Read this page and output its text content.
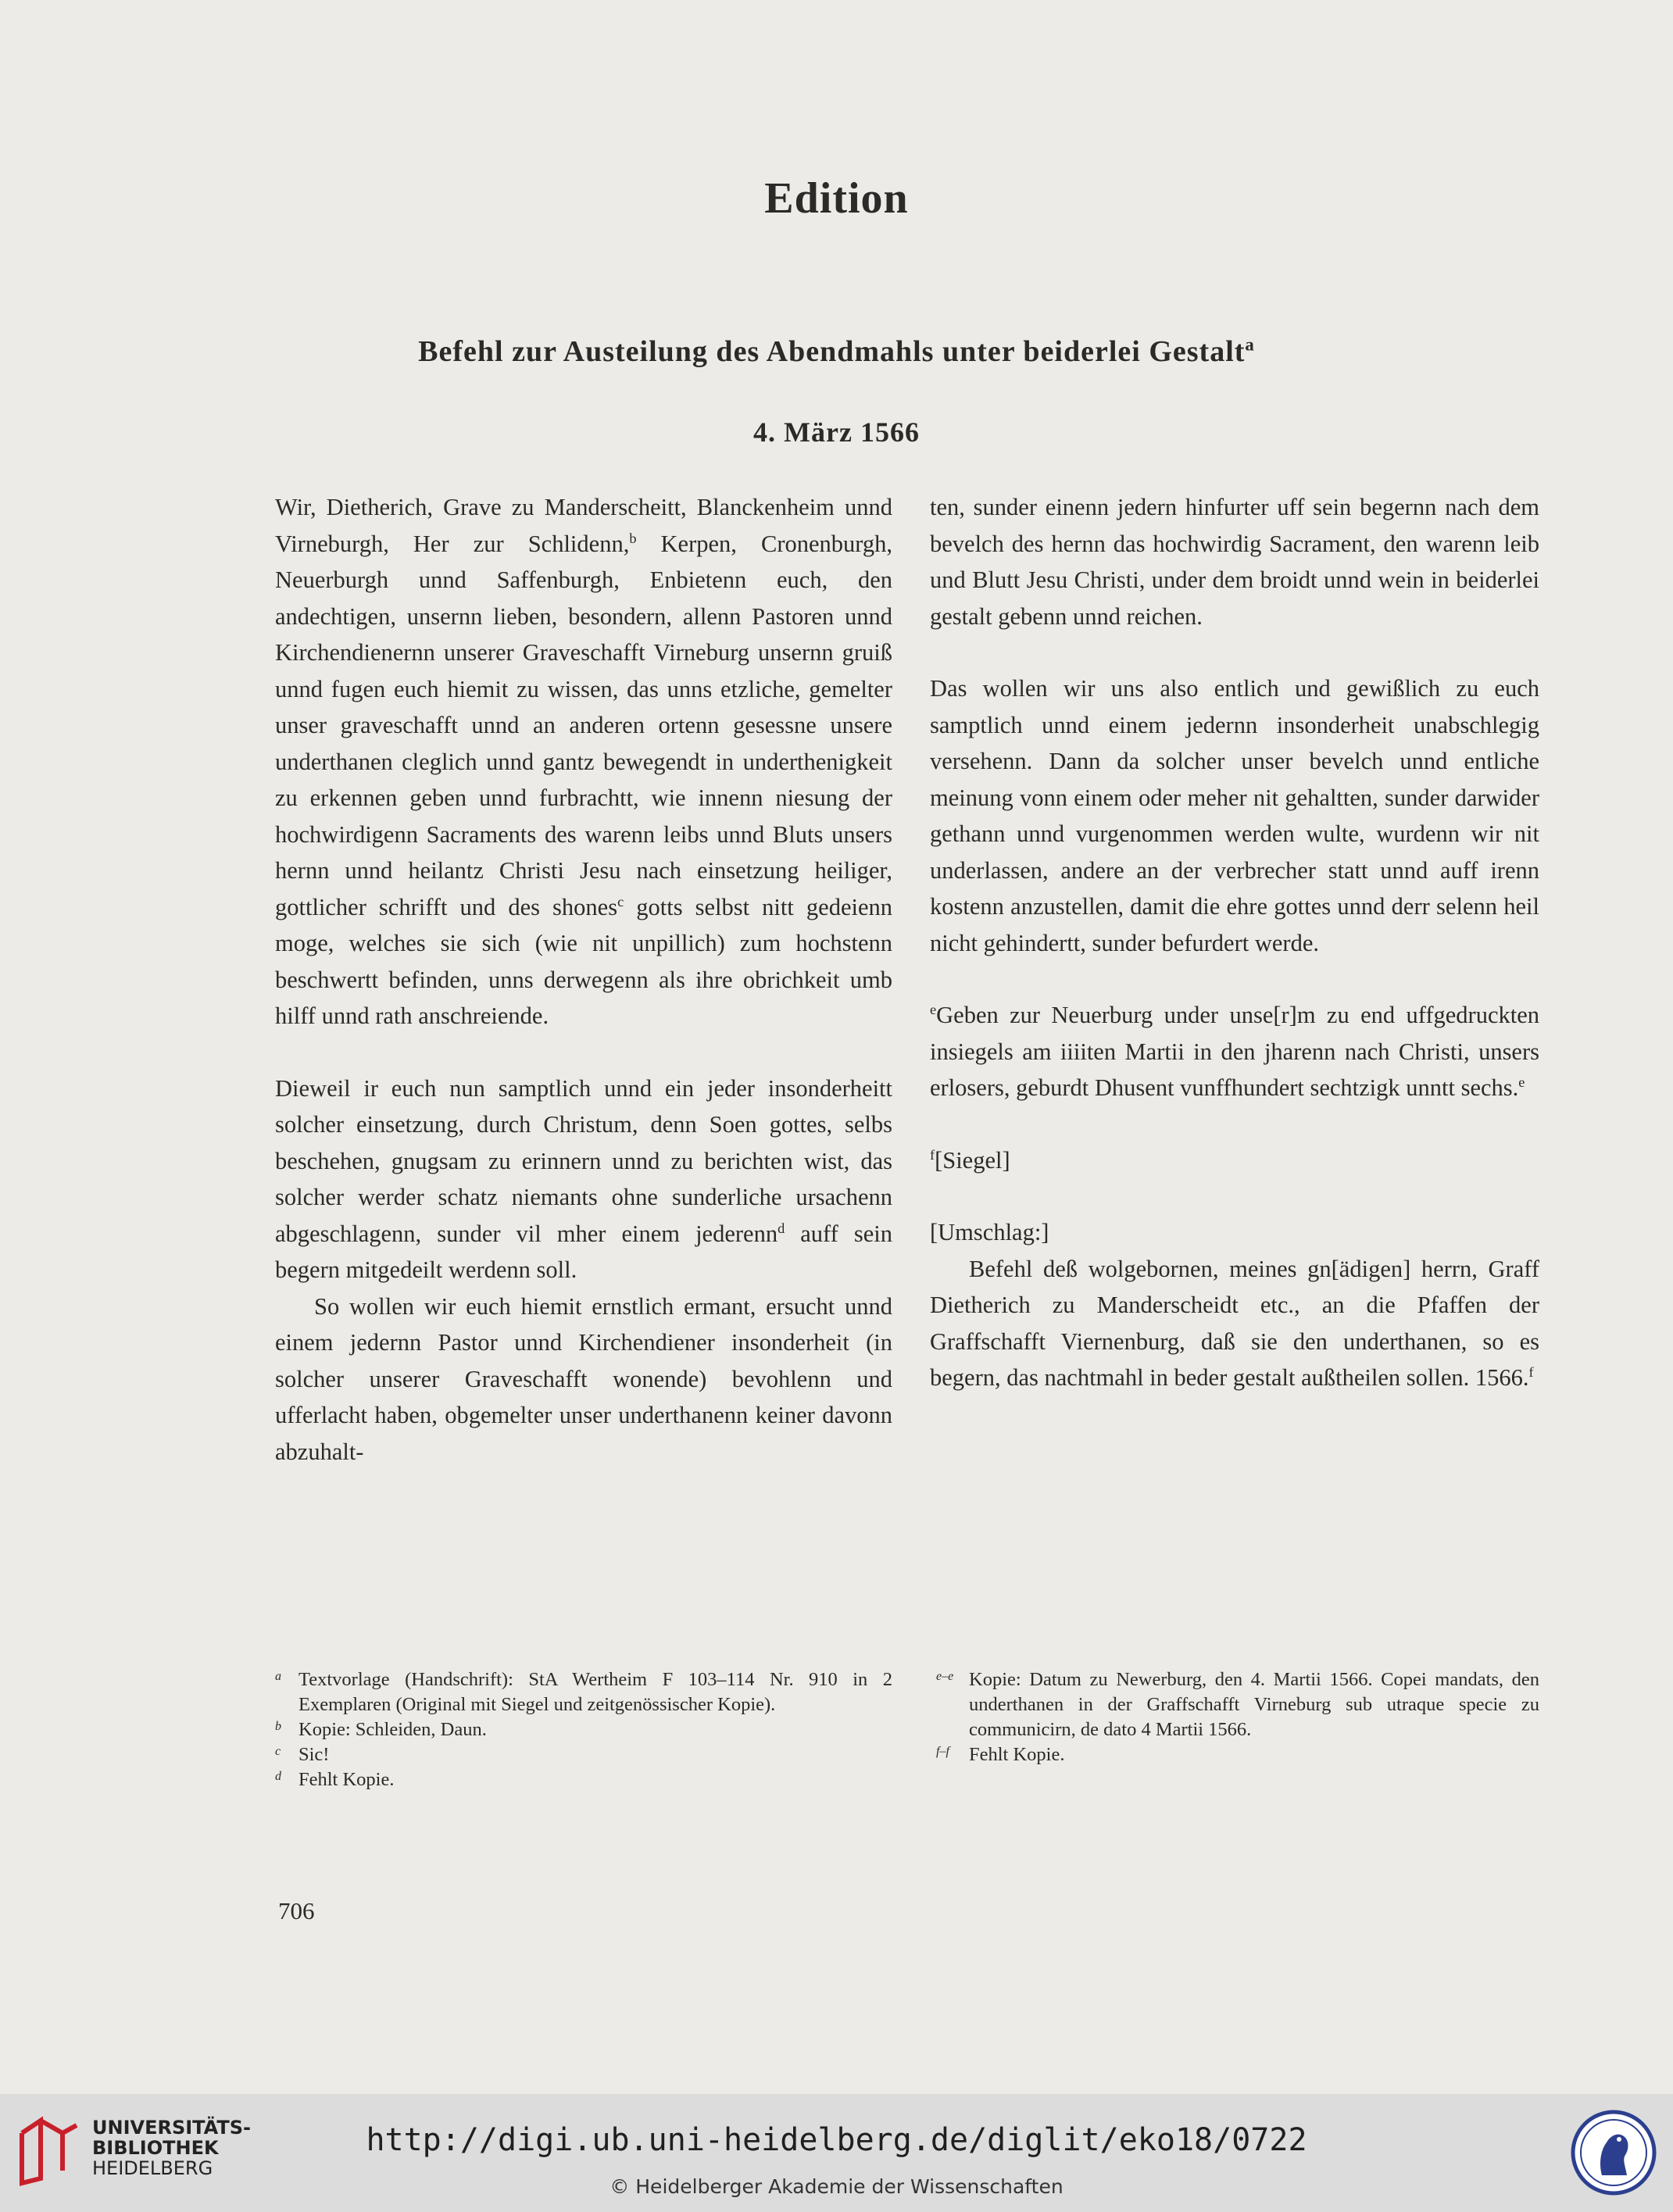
Edition
Befehl zur Austeilung des Abendmahls unter beiderlei Gestalt$^a$
4. März 1566

Wir, Dietherich, Grave zu Manderscheitt, Blanckenheim unnd Virneburgh, Her zur Schlidenn,$^b$ Kerpen, Cronenburgh, Neuerburgh unnd Saffenburgh, Enbietenn euch, den andechtigen, unsernn lieben, besondern, allenn Pastoren unnd Kirchendienernn unserer Graveschafft Virneburg unsernn gruiß unnd fugen euch hiemit zu wissen, das unns etzliche, gemelter unser graveschafft unnd an anderen ortenn gesessne unsere underthanen cleglich unnd gantz bewegendt in underthenigkeit zu erkennen geben unnd furbrachtt, wie innenn niesung der hochwirdigenn Sacraments des warenn leibs unnd Bluts unsers hernn unnd heilantz Christi Jesu nach einsetzung heiliger, gottlicher schrifft und des shones$^c$ gotts selbst nitt gedeienn moge, welches sie sich (wie nit unpillich) zum hochstenn beschwertt befinden, unns derwegenn als ihre obrichkeit umb hilff unnd rath anschreiende.

Dieweil ir euch nun samptlich unnd ein jeder insonderheitt solcher einsetzung, durch Christum, denn Soen gottes, selbs beschehen, gnugsam zu erinnern unnd zu berichten wist, das solcher werder schatz niemants ohne sunderliche ursachenn abgeschlagenn, sunder vil mher einem jederenn$^d$ auff sein begern mitgedeilt werdenn soll.

So wollen wir euch hiemit ernstlich ermant, ersucht unnd einem jedernn Pastor unnd Kirchendiener insonderheit (in solcher unserer Graveschafft wonende) bevohlenn und ufferlacht haben, obgemelter unser underthanenn keiner davonn abzuhalt-

ten, sunder einenn jedern hinfurter uff sein begernn nach dem bevelch des hernn das hochwirdig Sacrament, den warenn leib und Blutt Jesu Christi, under dem broidt unnd wein in beiderlei gestalt gebenn unnd reichen.

Das wollen wir uns also entlich und gewißlich zu euch samptlich unnd einem jedernn insonderheit unabschlegig versehenn. Dann da solcher unser bevelch unnd entliche meinung vonn einem oder meher nit gehaltten, sunder darwider gethann unnd vurgenommen werden wulte, wurdenn wir nit underlassen, andere an der verbrecher statt unnd auff irenn kostenn anzustellen, damit die ehre gottes unnd derr selenn heil nicht gehindertt, sunder befurdert werde.

$^e$Geben zur Neuerburg under unse[r]m zu end uffgedruckten insiegels am iiiiten Martii in den jharenn nach Christi, unsers erlosers, geburdt Dhusent vunffhundert sechtzigk unntt sechs.$^e$

$^f$[Siegel]

[Umschlag:]

Befehl deß wolgebornen, meines gn[ädigen] herrn, Graff Dietherich zu Manderscheidt etc., an die Pfaffen der Graffschafft Viernenburg, daß sie den underthanen, so es begern, das nachtmahl in beder gestalt außtheilen sollen. 1566.$^f$

a Textvorlage (Handschrift): StA Wertheim F 103–114 Nr. 910 in 2 Exemplaren (Original mit Siegel und zeitgenössischer Kopie).

b Kopie: Schleiden, Daun.

c Sic!

d Fehlt Kopie.

e–e Kopie: Datum zu Newerburg, den 4. Martii 1566. Copei mandats, den underthanen in der Graffschafft Virneburg sub utraque specie zu communicirn, de dato 4 Martii 1566.

f–f Fehlt Kopie.

706
UNIVERSITÄTS-
BIBLIOTHEK
HEIDELBERG
http://digi.ub.uni-heidelberg.de/diglit/eko18/0722
© Heidelberger Akademie der Wissenschaften
